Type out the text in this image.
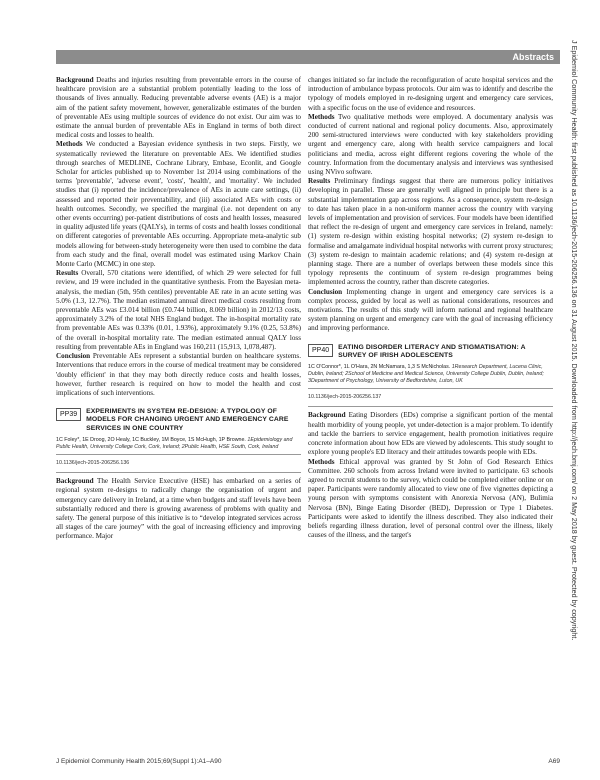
Abstracts J Epidemiol Community Health: first published as 10.1136/jech-2015-206256.136 on 31 August 2015. Downloaded from http://jech.bmj.com/ on 2 May 2018 by guest. Protected by copyright.

Background Deaths and injuries resulting from preventable errors in the course of healthcare provision are a substantial problem potentially leading to the loss of thousands of lives annually. Reducing preventable adverse events (AE) is a major aim of the patient safety movement, however, generalizable estimates of the burden of preventable AEs using multiple sources of evidence do not exist. Our aim was to estimate the annual burden of preventable AEs in England in terms of both direct medical costs and losses to health.

Methods We conducted a Bayesian evidence synthesis in two steps. Firstly, we systematically reviewed the literature on preventable AEs. We identified studies through searches of MEDLINE, Cochrane Library, Embase, Econlit, and Google Scholar for articles published up to November 1st 2014 using combinations of the terms 'preventable', 'adverse event', 'costs', 'health', and 'mortality'. We included studies that (i) reported the incidence/prevalence of AEs in acute care settings, (ii) assessed and reported their preventability, and (iii) associated AEs with costs or health outcomes. Secondly, we specified the marginal (i.e. not dependent on any other events occurring) per-patient distributions of costs and health losses, measured in quality adjusted life years (QALYs), in terms of costs and health losses conditional on different categories of preventable AEs occurring. Appropriate meta-analytic sub models allowing for between-study heterogeneity were then used to combine the data from each study and the final, overall model was estimated using Markov Chain Monte Carlo (MCMC) in one step.

Results Overall, 570 citations were identified, of which 29 were selected for full review, and 19 were included in the quantitative synthesis. From the Bayesian meta-analysis, the median (5th, 95th centiles) preventable AE rate in an acute setting was 5.0% (1.3, 12.7%). The median estimated annual direct medical costs resulting from preventable AEs was £3.014 billion (£0.744 billion, 8.069 billion) in 2012/13 costs, approximately 3.2% of the total NHS England budget. The in-hospital mortality rate from preventable AEs was 0.33% (0.01, 1.93%), approximately 9.1% (0.25, 53.8%) of the overall in-hospital mortality rate. The median estimated annual QALY loss resulting from preventable AEs in England was 160,211 (15,913, 1,078,487).

Conclusion Preventable AEs represent a substantial burden on healthcare systems. Interventions that reduce errors in the course of medical treatment may be considered 'doubly efficient' in that they may both directly reduce costs and health losses, however, further research is required on how to model the health and cost implications of such interventions.

PP39	EXPERIMENTS IN SYSTEM RE-DESIGN: A TYPOLOGY OF MODELS FOR CHANGING URGENT AND EMERGENCY CARE SERVICES IN ONE COUNTRY
1C Foley*, 1E Droog, 2O Healy, 1C Buckley, 1M Boyce, 1S McHugh, 1P Browne. 1Epidemiology and Public Health, University College Cork, Cork, Ireland; 2Public Health, HSE South, Cork, Ireland
10.1136/jech-2015-206256.136

Background The Health Service Executive (HSE) has embarked on a series of regional system re-designs to radically change the organisation of urgent and emergency care delivery in Ireland, at a time when budgets and staff levels have been substantially reduced and there is growing awareness of problems with quality and safety. The general purpose of this initiative is to “develop integrated services across all stages of the care journey” with the goal of increasing efficiency and improving performance. Major

changes initiated so far include the reconfiguration of acute hospital services and the introduction of ambulance bypass protocols. Our aim was to identify and describe the typology of models employed in re-designing urgent and emergency care services, with a specific focus on the use of evidence and resources.

Methods Two qualitative methods were employed. A documentary analysis was conducted of current national and regional policy documents. Also, approximately 200 semi-structured interviews were conducted with key stakeholders providing urgent and emergency care, along with health service campaigners and local politicians and media, across eight different regions covering the whole of the country. Information from the documentary analysis and interviews was synthesised using NVivo software.

Results Preliminary findings suggest that there are numerous policy initiatives developing in parallel. These are generally well aligned in principle but there is a substantial implementation gap across regions. As a consequence, system re-design to date has taken place in a non-uniform manner across the country with varying levels of implementation and provision of services. Four models have been identified that reflect the re-design of urgent and emergency care services in Ireland, namely: (1) system re-design within existing hospital networks; (2) system re-design to formalise and amalgamate individual hospital networks with current proxy structures; (3) system re-design to maintain academic relations; and (4) system re-design at planning stage. There are a number of overlaps between these models since this typology represents the continuum of system re-design programmes being implemented across the country, rather than discrete categories.

Conclusion Implementing change in urgent and emergency care services is a complex process, guided by local as well as national considerations, resources and motivations. The results of this study will inform national and regional healthcare system planning on urgent and emergency care with the goal of increasing efficiency and improving performance.

PP40	EATING DISORDER LITERACY AND STIGMATISATION: A SURVEY OF IRISH ADOLESCENTS
1C O'Connor*, 1L O'Hara, 2N McNamara, 1,3 S McNicholas. 1Research Department, Lucena Clinic, Dublin, Ireland; 2School of Medicine and Medical Science, University College Dublin, Dublin, Ireland; 3Department of Psychology, University of Bedfordshire, Luton, UK
10.1136/jech-2015-206256.137

Background Eating Disorders (EDs) comprise a significant portion of the mental health morbidity of young people, yet under-detection is a major problem. To identify and tackle the barriers to service engagement, health promotion initiatives require concrete information about how EDs are viewed by adolescents. This study sought to explore young people's ED literacy and their attitudes towards people with EDs.

Methods Ethical approval was granted by St John of God Research Ethics Committee. 260 schools from across Ireland were invited to participate. 63 schools agreed to recruit students to the survey, which could be completed either online or on paper. Participants were randomly allocated to view one of five vignettes depicting a young person with symptoms consistent with Anorexia Nervosa (AN), Bulimia Nervosa (BN), Binge Eating Disorder (BED), Depression or Type 1 Diabetes. Participants were asked to identify the illness described. They also indicated their beliefs regarding illness duration, level of personal control over the illness, likely causes of the illness, and the target's

J Epidemiol Community Health 2015;69(Suppl 1):A1–A90	A69
